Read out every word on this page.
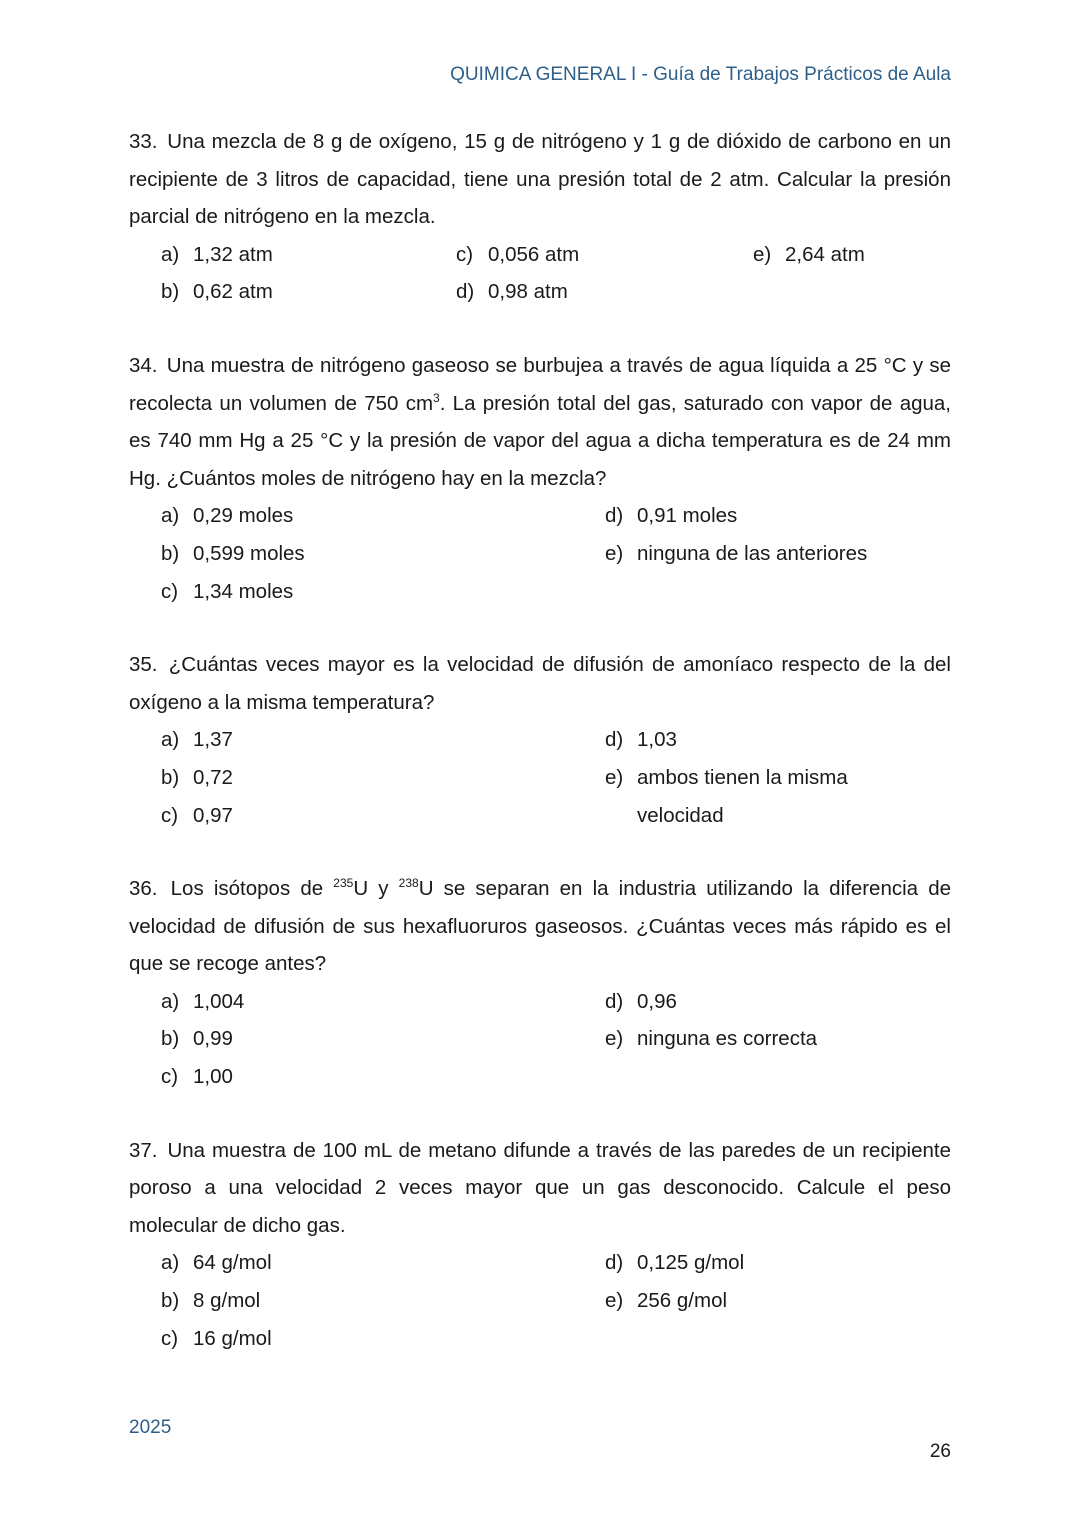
QUIMICA GENERAL I - Guía de Trabajos Prácticos de Aula

33. Una mezcla de 8 g de oxígeno, 15 g de nitrógeno y 1 g de dióxido de carbono en un recipiente de 3 litros de capacidad, tiene una presión total de 2 atm. Calcular la presión parcial de nitrógeno en la mezcla.

a) 1,32 atm	c) 0,056 atm	e) 2,64 atm
b) 0,62 atm	d) 0,98 atm

34. Una muestra de nitrógeno gaseoso se burbujea a través de agua líquida a 25 °C y se recolecta un volumen de 750 $cm^3$. La presión total del gas, saturado con vapor de agua, es 740 mm Hg a 25 °C y la presión de vapor del agua a dicha temperatura es de 24 mm Hg. ¿Cuántos moles de nitrógeno hay en la mezcla?

a) 0,29 moles
b) 0,599 moles
c) 1,34 moles
d) 0,91 moles
e) ninguna de las anteriores

35. ¿Cuántas veces mayor es la velocidad de difusión de amoníaco respecto de la del oxígeno a la misma temperatura?

a) 1,37
b) 0,72
c) 0,97
d) 1,03
e) ambos tienen la misma velocidad

36. Los isótopos de $^{235}$U y $^{238}$U se separan en la industria utilizando la diferencia de velocidad de difusión de sus hexafluoruros gaseosos. ¿Cuántas veces más rápido es el que se recoge antes?

a) 1,004
b) 0,99
c) 1,00
d) 0,96
e) ninguna es correcta

37. Una muestra de 100 mL de metano difunde a través de las paredes de un recipiente poroso a una velocidad 2 veces mayor que un gas desconocido. Calcule el peso molecular de dicho gas.

a) 64 g/mol
b) 8 g/mol
c) 16 g/mol
d) 0,125 g/mol
e) 256 g/mol
2025
26
